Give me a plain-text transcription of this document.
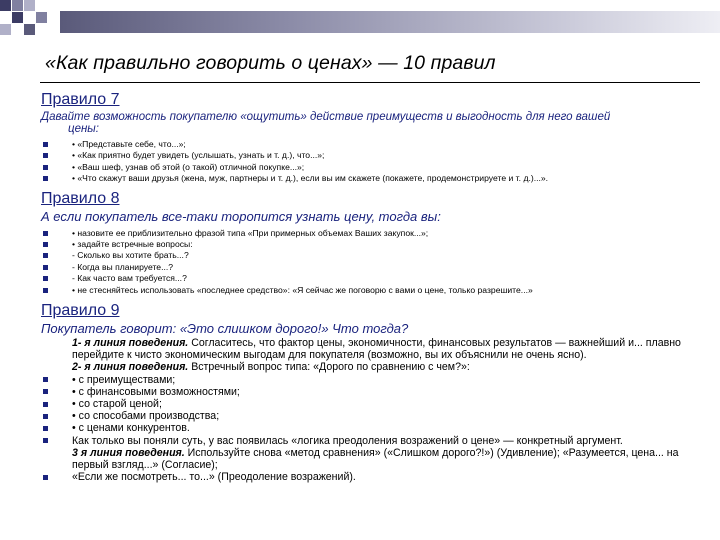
«Как правильно говорить о ценах» — 10 правил
Правило 7
Давайте возможность покупателю «ощутить» действие преимуществ и выгодность для него вашей
цены:
• «Представьте себе, что...»;
• «Как приятно будет увидеть (услышать, узнать и т. д.), что...»;
• «Ваш шеф, узнав об этой (о такой) отличной покупке...»;
• «Что скажут ваши друзья (жена, муж, партнеры и т. д.), если вы им скажете (покажете, продемонстрируете и т. д.)...».
Правило 8
А если покупатель все-таки торопится узнать цену, тогда вы:
• назовите ее приблизительно фразой типа «При примерных объемах Ваших закупок...»;
• задайте встречные вопросы:
- Сколько вы хотите брать...?
- Когда вы планируете...?
- Как часто вам требуется...?
• не стесняйтесь использовать «последнее средство»: «Я сейчас же поговорю с вами о цене, только разрешите...»
Правило 9
Покупатель говорит: «Это слишком дорого!» Что тогда?
1- я линия поведения. Согласитесь, что фактор цены, экономичности, финансовых результатов — важнейший и... плавно перейдите к чисто экономическим выгодам для покупателя (возможно, вы их объяснили не очень ясно).
2- я линия поведения. Встречный вопрос типа: «Дорого по сравнению с чем?»:
• с преимуществами;
• с финансовыми возможностями;
• со старой ценой;
• со способами производства;
• с ценами конкурентов.
Как только вы поняли суть, у вас появилась «логика преодоления возражений о цене» — конкретный аргумент.
3 я линия поведения. Используйте снова «метод сравнения» («Слишком дорого?!») (Удивление); «Разумеется, цена... на первый взгляд...» (Согласие);
«Если же посмотреть... то...» (Преодоление возражений).
